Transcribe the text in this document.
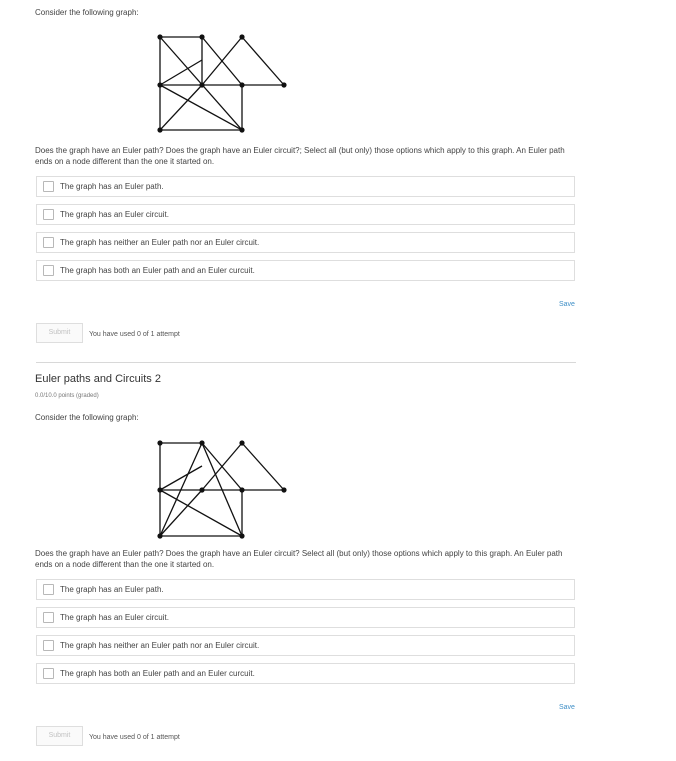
Consider the following graph:
Does the graph have an Euler path? Does the graph have an Euler circuit?; Select all (but only) those options which apply to this graph. An Euler path ends on a node different than the one it started on.
The graph has an Euler path.
The graph has an Euler circuit.
The graph has neither an Euler path nor an Euler circuit.
The graph has both an Euler path and an Euler curcuit.
Save
Submit	You have used 0 of 1 attempt
Euler paths and Circuits 2
0.0/10.0 points (graded)
Consider the following graph:
Does the graph have an Euler path? Does the graph have an Euler circuit? Select all (but only) those options which apply to this graph. An Euler path ends on a node different than the one it started on.
The graph has an Euler path.
The graph has an Euler circuit.
The graph has neither an Euler path nor an Euler circuit.
The graph has both an Euler path and an Euler curcuit.
Save
Submit	You have used 0 of 1 attempt
